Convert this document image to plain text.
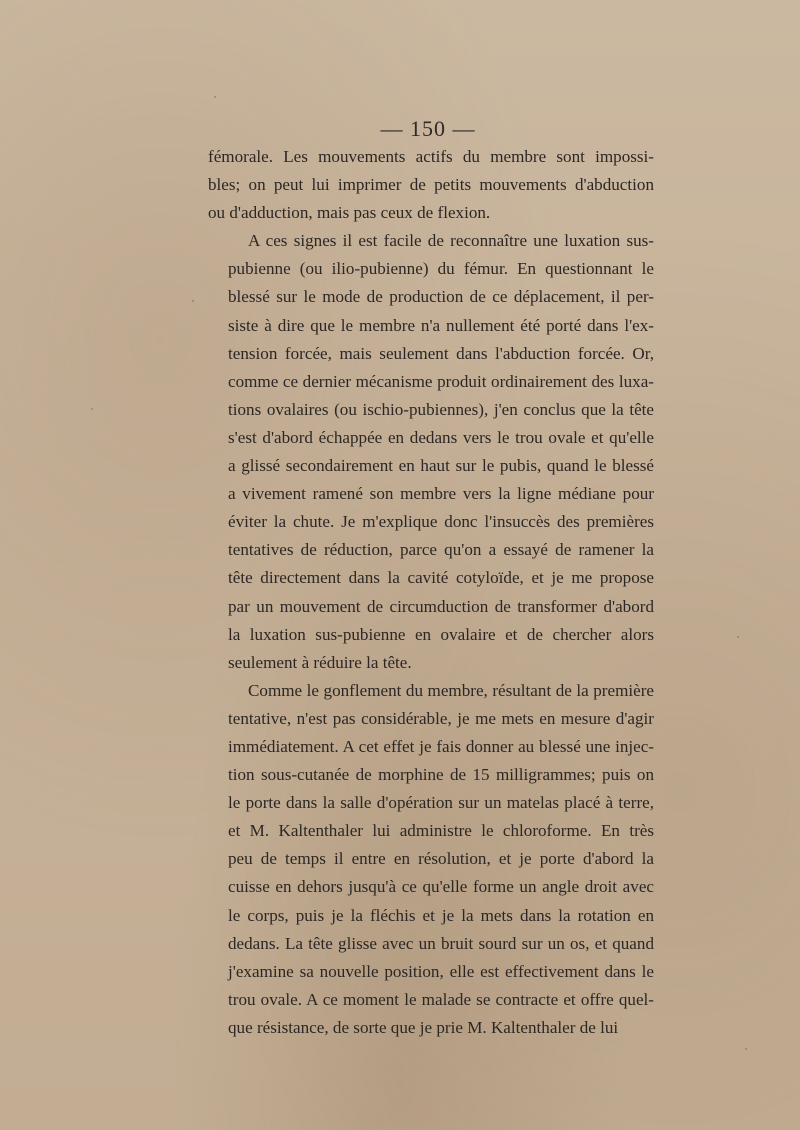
— 150 —

fémorale. Les mouvements actifs du membre sont impossi-
bles; on peut lui imprimer de petits mouvements d'abduction
ou d'adduction, mais pas ceux de flexion.

A ces signes il est facile de reconnaître une luxation sus-
pubienne (ou ilio-pubienne) du fémur. En questionnant le
blessé sur le mode de production de ce déplacement, il per-
siste à dire que le membre n'a nullement été porté dans l'ex-
tension forcée, mais seulement dans l'abduction forcée. Or,
comme ce dernier mécanisme produit ordinairement des luxa-
tions ovalaires (ou ischio-pubiennes), j'en conclus que la tête
s'est d'abord échappée en dedans vers le trou ovale et qu'elle
a glissé secondairement en haut sur le pubis, quand le blessé
a vivement ramené son membre vers la ligne médiane pour
éviter la chute. Je m'explique donc l'insuccès des premières
tentatives de réduction, parce qu'on a essayé de ramener la
tête directement dans la cavité cotyloïde, et je me propose
par un mouvement de circumduction de transformer d'abord
la luxation sus-pubienne en ovalaire et de chercher alors
seulement à réduire la tête.

Comme le gonflement du membre, résultant de la première
tentative, n'est pas considérable, je me mets en mesure d'agir
immédiatement. A cet effet je fais donner au blessé une injec-
tion sous-cutanée de morphine de 15 milligrammes; puis on
le porte dans la salle d'opération sur un matelas placé à terre,
et M. Kaltenthaler lui administre le chloroforme. En très
peu de temps il entre en résolution, et je porte d'abord la
cuisse en dehors jusqu'à ce qu'elle forme un angle droit avec
le corps, puis je la fléchis et je la mets dans la rotation en
dedans. La tête glisse avec un bruit sourd sur un os, et quand
j'examine sa nouvelle position, elle est effectivement dans le
trou ovale. A ce moment le malade se contracte et offre quel-
que résistance, de sorte que je prie M. Kaltenthaler de lui
